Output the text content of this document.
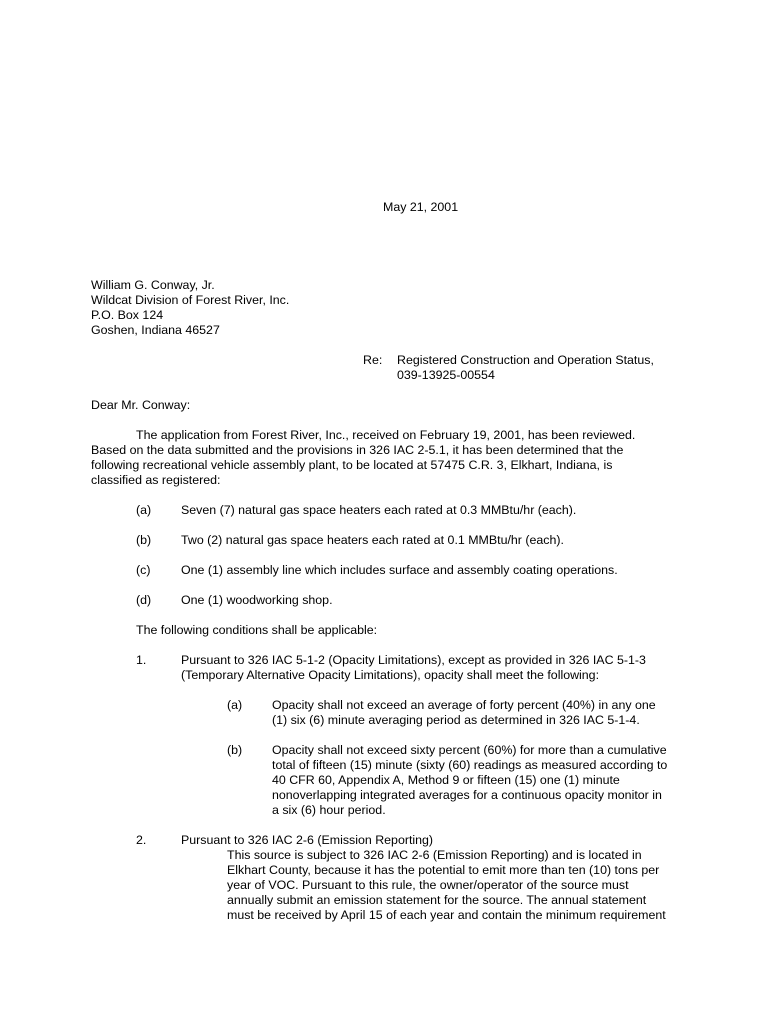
May 21, 2001
William G. Conway, Jr.
Wildcat Division of Forest River, Inc.
P.O. Box 124
Goshen, Indiana 46527
Re: Registered Construction and Operation Status,
039-13925-00554
Dear Mr. Conway:
The application from Forest River, Inc., received on February 19, 2001, has been reviewed.
Based on the data submitted and the provisions in 326 IAC 2-5.1, it has been determined that the
following recreational vehicle assembly plant, to be located at 57475 C.R. 3, Elkhart, Indiana, is
classified as registered:
(a) Seven (7) natural gas space heaters each rated at 0.3 MMBtu/hr (each).
(b) Two (2) natural gas space heaters each rated at 0.1 MMBtu/hr (each).
(c) One (1) assembly line which includes surface and assembly coating operations.
(d) One (1) woodworking shop.
The following conditions shall be applicable:
1.	Pursuant to 326 IAC 5-1-2 (Opacity Limitations), except as provided in 326 IAC 5-1-3
(Temporary Alternative Opacity Limitations), opacity shall meet the following:
(a) Opacity shall not exceed an average of forty percent (40%) in any one
(1) six (6) minute averaging period as determined in 326 IAC 5-1-4.
(b) Opacity shall not exceed sixty percent (60%) for more than a cumulative
total of fifteen (15) minute (sixty (60) readings as measured according to
40 CFR 60, Appendix A, Method 9 or fifteen (15) one (1) minute
nonoverlapping integrated averages for a continuous opacity monitor in
a six (6) hour period.
2.	Pursuant to 326 IAC 2-6 (Emission Reporting)
This source is subject to 326 IAC 2-6 (Emission Reporting) and is located in
Elkhart County, because it has the potential to emit more than ten (10) tons per
year of VOC. Pursuant to this rule, the owner/operator of the source must
annually submit an emission statement for the source. The annual statement
must be received by April 15 of each year and contain the minimum requirement
